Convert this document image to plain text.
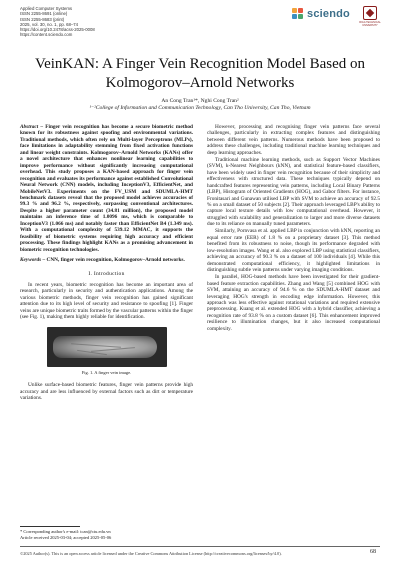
Applied Computer Systems
ISSN 2255-8691 (online)
ISSN 2255-8683 (print)
2025, vol. 30, no. 1, pp. 68–74
https://doi.org/10.2478/acss-2025-0008
https://content.sciendo.com
sciendo
RIGA TECHNICAL UNIVERSITY
VeinKAN: A Finger Vein Recognition Model Based on Kolmogorov–Arnold Networks
An Cong Tran¹*, Nghi Cong Tran²
¹⁻²College of Information and Communication Technology, Can Tho University, Can Tho, Vietnam

Abstract – Finger vein recognition has become a secure biometric method known for its robustness against spoofing and environmental variations. Traditional methods, which often rely on Multi-layer Perceptrons (MLPs), face limitations in adaptability stemming from fixed activation functions and linear weight constraints. Kolmogorov–Arnold Networks (KANs) offer a novel architecture that enhances nonlinear learning capabilities to improve performance without significantly increasing computational overhead. This study proposes a KAN-based approach for finger vein recognition and evaluates its performance against established Convolutional Neural Network (CNN) models, including InceptionV3, EfficientNet, and MobileNetV3. Experiments on the FV_USM and SDUMLA-HMT benchmark datasets reveal that the proposed model achieves accuracies of 99.3 % and 96.2 %, respectively, surpassing conventional architectures. Despite a higher parameter count (34.81 million), the proposed model maintains an inference time of 1.0096 ms, which is comparable to InceptionV3 (1.066 ms) and notably faster than EfficientNet B4 (1.349 ms). With a computational complexity of 539.12 MMAC, it supports the feasibility of biometric systems requiring high accuracy and efficient processing. These findings highlight KANs as a promising advancement in biometric recognition technologies.

Keywords – CNN, finger vein recognition, Kolmogorov–Arnold networks.

I. Introduction

In recent years, biometric recognition has become an important area of research, particularly in security and authentication applications. Among the various biometric methods, finger vein recognition has gained significant attention due to its high level of security and resistance to spoofing [1]. Finger veins are unique biometric traits formed by the vascular patterns within the finger (see Fig. 1), making them highly reliable for identification.

Fig. 1. A finger vein image.

Unlike surface-based biometric features, finger vein patterns provide high accuracy and are less influenced by external factors such as dirt or temperature variations.

However, processing and recognising finger vein patterns face several challenges, particularly in extracting complex features and distinguishing between different vein patterns. Numerous methods have been proposed to address these challenges, including traditional machine learning techniques and deep learning approaches.

Traditional machine learning methods, such as Support Vector Machines (SVM), k-Nearest Neighbours (kNN), and statistical feature-based classifiers, have been widely used in finger vein recognition because of their simplicity and effectiveness with structured data. These techniques typically depend on handcrafted features representing vein patterns, including Local Binary Patterns (LBP), Histogram of Oriented Gradients (HOG), and Gabor filters. For instance, Fronitasari and Gunawan utilised LBP with SVM to achieve an accuracy of 92.5 % on a small dataset of 50 subjects [2]. Their approach leveraged LBP's ability to capture local texture details with low computational overhead. However, it struggled with scalability and generalization to larger and more diverse datasets due to its reliance on manually tuned parameters.

Similarly, Pornvasa et al. applied LBP in conjunction with kNN, reporting an equal error rate (EER) of 1.8 % on a proprietary dataset [3]. This method benefited from its robustness to noise, though its performance degraded with low-resolution images. Wang et al. also explored LBP using statistical classifiers, achieving an accuracy of 90.3 % on a dataset of 100 individuals [4]. While this demonstrated computational efficiency, it highlighted limitations in distinguishing subtle vein patterns under varying imaging conditions.

In parallel, HOG-based methods have been investigated for their gradient-based feature extraction capabilities. Zhang and Wang [5] combined HOG with SVM, attaining an accuracy of 94.6 % on the SDUMLA-HMT dataset and leveraging HOG's strength in encoding edge information. However, this approach was less effective against rotational variations and required extensive preprocessing. Kuang et al. extended HOG with a hybrid classifier, achieving a recognition rate of 93.8 % on a custom dataset [6]. This enhancement improved resilience to illumination changes, but it also increased computational complexity.

* Corresponding author's e-mail: tcan@ctu.edu.vn
Article received 2025-03-04; accepted 2025-05-06
©2025 Author(s). This is an open access article licensed under the Creative Commons Attribution License (http://creativecommons.org/licenses/by/4.0).	68
